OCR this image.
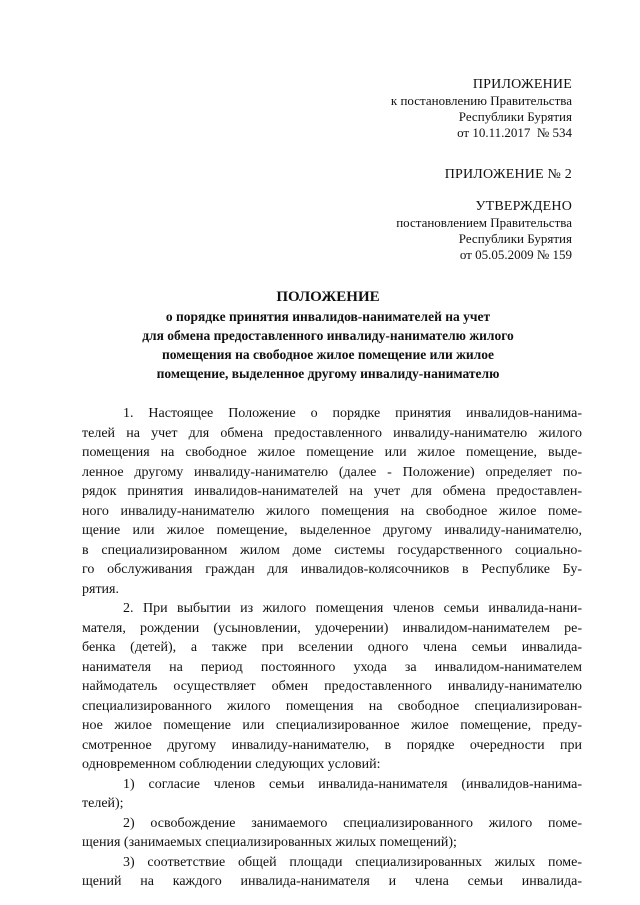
ПРИЛОЖЕНИЕ
к постановлению Правительства
Республики Бурятия
от 10.11.2017  № 534
ПРИЛОЖЕНИЕ № 2
УТВЕРЖДЕНО
постановлением Правительства
Республики Бурятия
от 05.05.2009 № 159
ПОЛОЖЕНИЕ
о порядке принятия инвалидов-нанимателей на учет
для обмена предоставленного инвалиду-нанимателю жилого
помещения на свободное жилое помещение или жилое
помещение, выделенное другому инвалиду-нанимателю
1. Настоящее Положение о порядке принятия инвалидов-нанима-
телей на учет для обмена предоставленного инвалиду-нанимателю жилого
помещения на свободное жилое помещение или жилое помещение, выде-
ленное другому инвалиду-нанимателю (далее - Положение) определяет по-
рядок принятия инвалидов-нанимателей на учет для обмена предоставлен-
ного инвалиду-нанимателю жилого помещения на свободное жилое поме-
щение или жилое помещение, выделенное другому инвалиду-нанимателю,
в специализированном жилом доме системы государственного социально-
го обслуживания граждан для инвалидов-колясочников в Республике Бу-
рятия.
2. При выбытии из жилого помещения членов семьи инвалида-нани-
мателя, рождении (усыновлении, удочерении) инвалидом-нанимателем ре-
бенка (детей), а также при вселении одного члена семьи инвалида-
нанимателя на период постоянного ухода за инвалидом-нанимателем
наймодатель осуществляет обмен предоставленного инвалиду-нанимателю
специализированного жилого помещения на свободное специализирован-
ное жилое помещение или специализированное жилое помещение, преду-
смотренное другому инвалиду-нанимателю, в порядке очередности при
одновременном соблюдении следующих условий:
1) согласие членов семьи инвалида-нанимателя (инвалидов-нанима-
телей);
2) освобождение занимаемого специализированного жилого поме-
щения (занимаемых специализированных жилых помещений);
3) соответствие общей площади специализированных жилых поме-
щений на каждого инвалида-нанимателя и члена семьи инвалида-
